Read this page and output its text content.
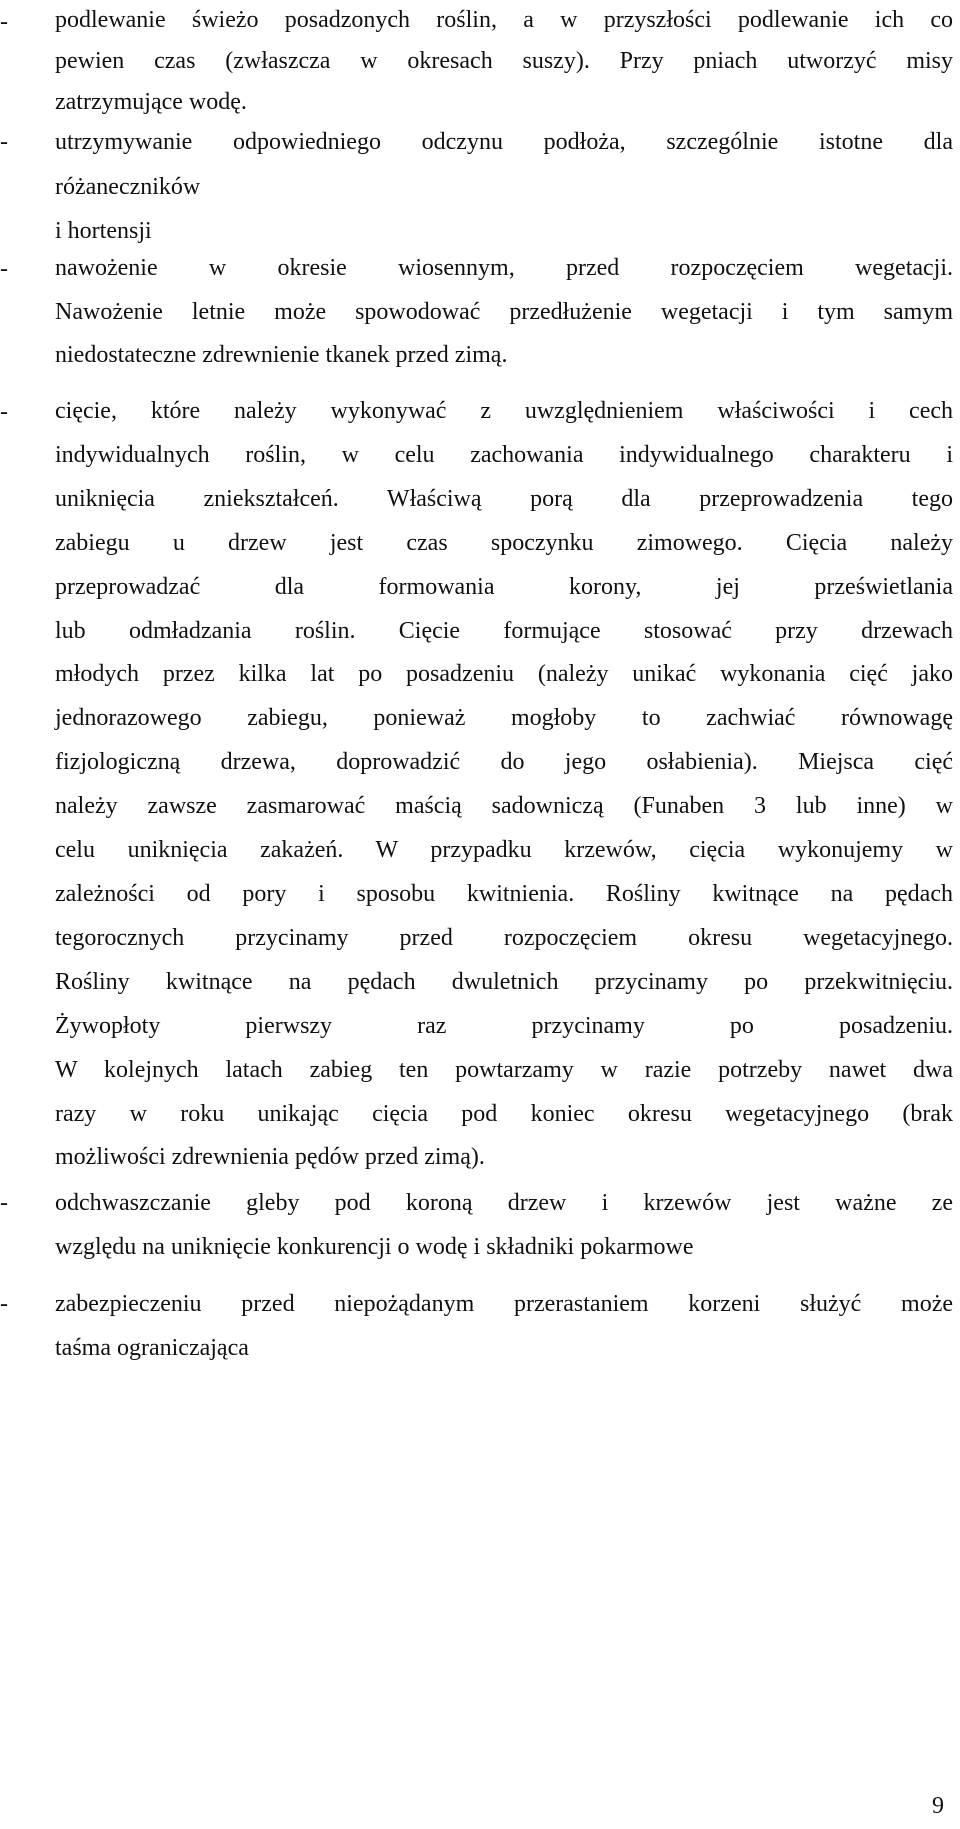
- podlewanie świeżo posadzonych roślin, a w przyszłości podlewanie ich co
pewien czas (zwłaszcza w okresach suszy). Przy pniach utworzyć misy
zatrzymujące wodę.
- utrzymywanie odpowiedniego odczynu podłoża, szczególnie istotne dla
różaneczników
i hortensji
- nawożenie w okresie wiosennym, przed rozpoczęciem wegetacji.
Nawożenie letnie może spowodować przedłużenie wegetacji i tym samym
niedostateczne zdrewnienie tkanek przed zimą.
- cięcie, które należy wykonywać z uwzględnieniem właściwości i cech
indywidualnych roślin, w celu zachowania indywidualnego charakteru i
uniknięcia zniekształceń. Właściwą porą dla przeprowadzenia tego
zabiegu u drzew jest czas spoczynku zimowego. Cięcia należy
przeprowadzać dla formowania korony, jej prześwietlania
lub odmładzania roślin. Cięcie formujące stosować przy drzewach
młodych przez kilka lat po posadzeniu (należy unikać wykonania cięć jako
jednorazowego zabiegu, ponieważ mogłoby to zachwiać równowagę
fizjologiczną drzewa, doprowadzić do jego osłabienia). Miejsca cięć
należy zawsze zasmarować maścią sadowniczą (Funaben 3 lub inne) w
celu uniknięcia zakażeń. W przypadku krzewów, cięcia wykonujemy w
zależności od pory i sposobu kwitnienia. Rośliny kwitnące na pędach
tegorocznych przycinamy przed rozpoczęciem okresu wegetacyjnego.
Rośliny kwitnące na pędach dwuletnich przycinamy po przekwitnięciu.
Żywopłoty pierwszy raz przycinamy po posadzeniu.
W kolejnych latach zabieg ten powtarzamy w razie potrzeby nawet dwa
razy w roku unikając cięcia pod koniec okresu wegetacyjnego (brak
możliwości zdrewnienia pędów przed zimą).
- odchwaszczanie gleby pod koroną drzew i krzewów jest ważne ze
względu na uniknięcie konkurencji o wodę i składniki pokarmowe
- zabezpieczeniu przed niepożądanym przerastaniem korzeni służyć może
taśma ograniczająca
9
